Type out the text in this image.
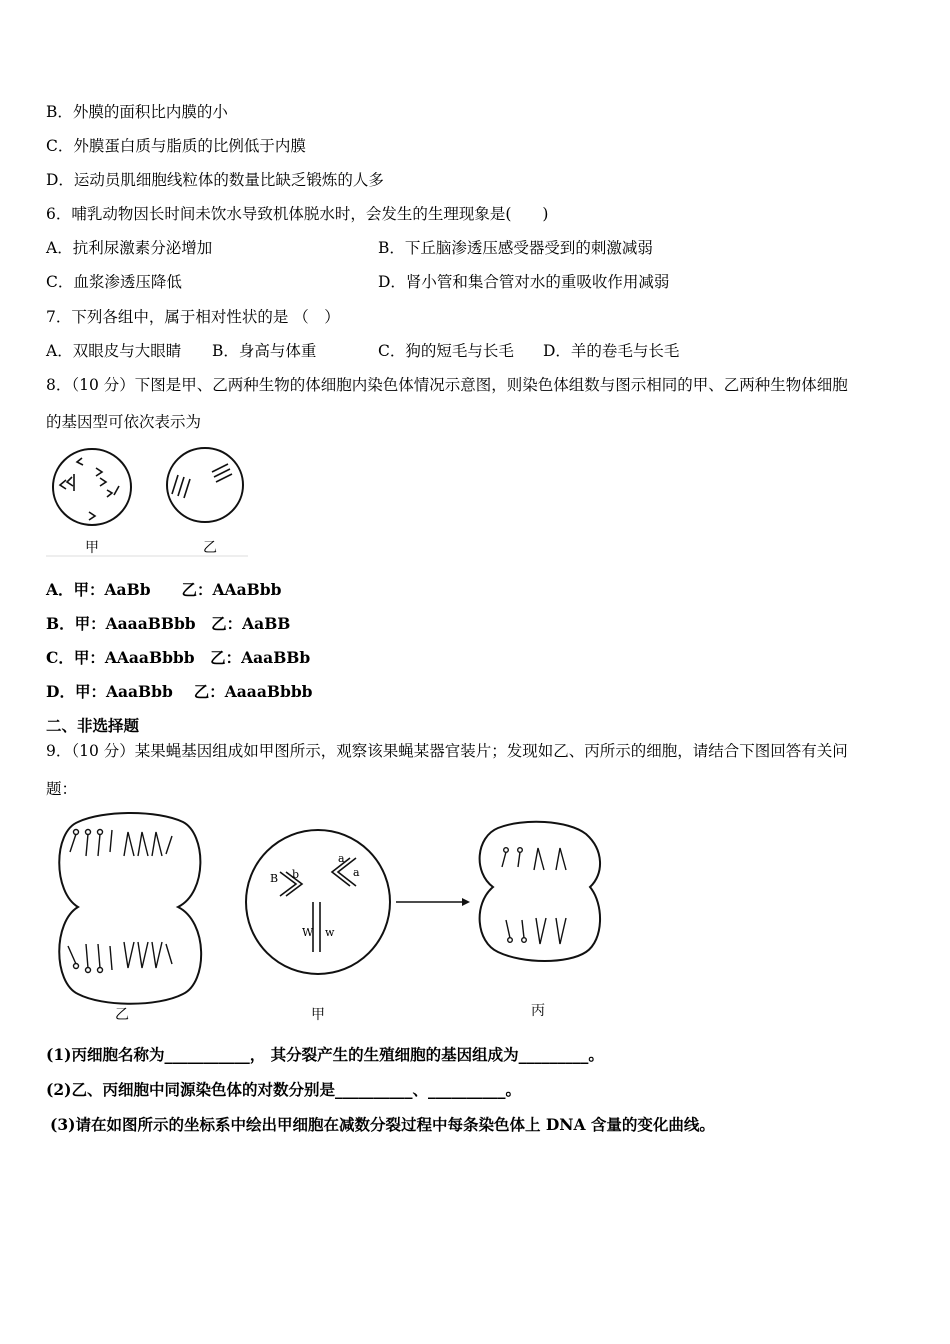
B．外膜的面积比内膜的小
C．外膜蛋白质与脂质的比例低于内膜
D．运动员肌细胞线粒体的数量比缺乏锻炼的人多
6．哺乳动物因长时间未饮水导致机体脱水时，会发生的生理现象是(　　)
A．抗利尿激素分泌增加	B．下丘脑渗透压感受器受到的刺激减弱
C．血浆渗透压降低	D．肾小管和集合管对水的重吸收作用减弱
7．下列各组中，属于相对性状的是 （　）
A．双眼皮与大眼睛 B．身高与体重	C．狗的短毛与长毛 D．羊的卷毛与长毛
8．（10 分）下图是甲、乙两种生物的体细胞内染色体情况示意图，则染色体组数与图示相同的甲、乙两种生物体细胞
的基因型可依次表示为
甲	乙
A．甲：AaBb　　乙：AAaBbb
B．甲：AaaaBBbb　乙：AaBB
C．甲：AAaaBbbb　乙：AaaBBb
D．甲：AaaBbb　 乙：AaaaBbbb
二、非选择题
9．（10 分）某果蝇基因组成如甲图所示，观察该果蝇某器官装片；发现如乙、丙所示的细胞，请结合下图回答有关问
题：
B b
a
a
W w
乙	甲	丙
(1)丙细胞名称为___________， 其分裂产生的生殖细胞的基因组成为_________。
(2)乙、丙细胞中同源染色体的对数分别是__________、__________。
(3)请在如图所示的坐标系中绘出甲细胞在减数分裂过程中每条染色体上 DNA 含量的变化曲线。
